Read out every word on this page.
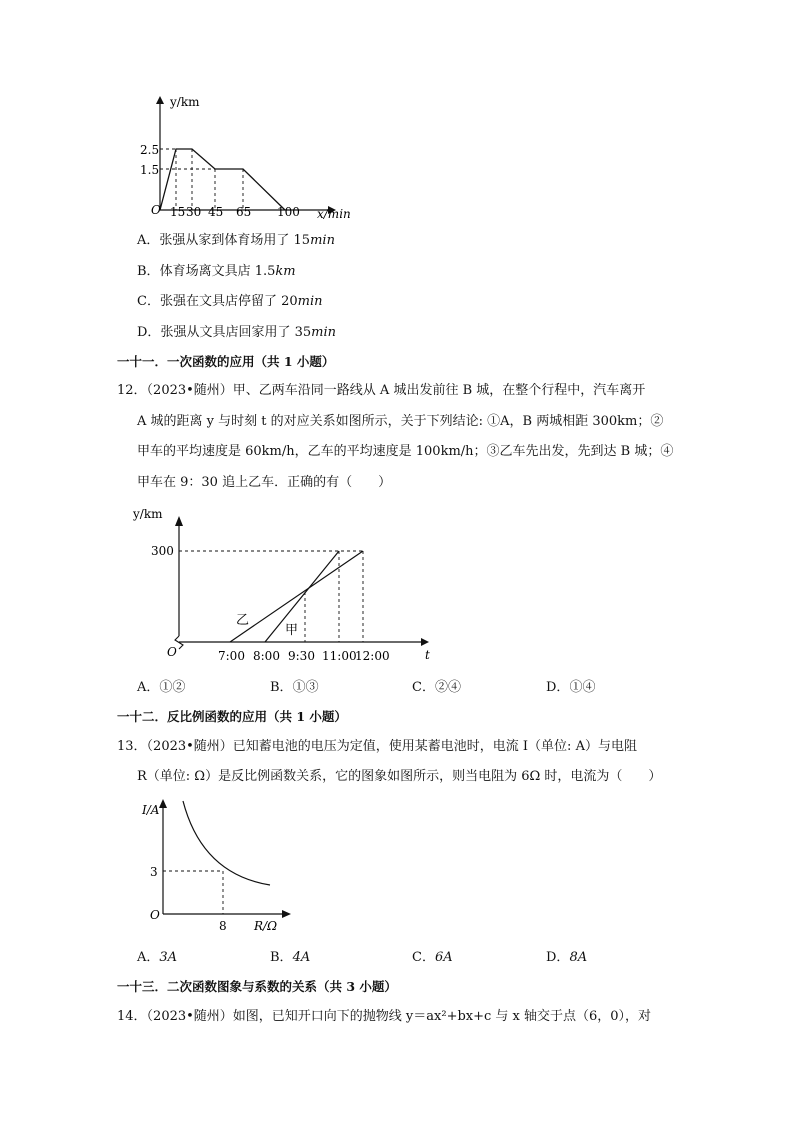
y/km
2.5
1.5
O 15 30 45 65 100 x/min
A．张强从家到体育场用了 15min
B．体育场离文具店 1.5km
C．张强在文具店停留了 20min
D．张强从文具店回家用了 35min
一十一．一次函数的应用（共 1 小题）
12．（2023•随州）甲、乙两车沿同一路线从 A 城出发前往 B 城，在整个行程中，汽车离开
A 城的距离 y 与时刻 t 的对应关系如图所示，关于下列结论: ①A，B 两城相距 300km；②
甲车的平均速度是 60km/h，乙车的平均速度是 100km/h；③乙车先出发，先到达 B 城；④
甲车在 9：30 追上乙车．正确的有（　　）
y/km
300
O	7:00 8:00 9:30 11:00
12:00	t
乙
甲
A．①②	B．①③	C．②④	D．①④
一十二．反比例函数的应用（共 1 小题）
13．（2023•随州）已知蓄电池的电压为定值，使用某蓄电池时，电流 I（单位: A）与电阻
R（单位: Ω）是反比例函数关系，它的图象如图所示，则当电阻为 6Ω 时，电流为（　　）
I/A
3
O
8 R/Ω
A．3A	B．4A	C．6A	D．8A
一十三．二次函数图象与系数的关系（共 3 小题）
14．（2023•随州）如图，已知开口向下的抛物线 y＝ax²+bx+c 与 x 轴交于点（6，0），对
